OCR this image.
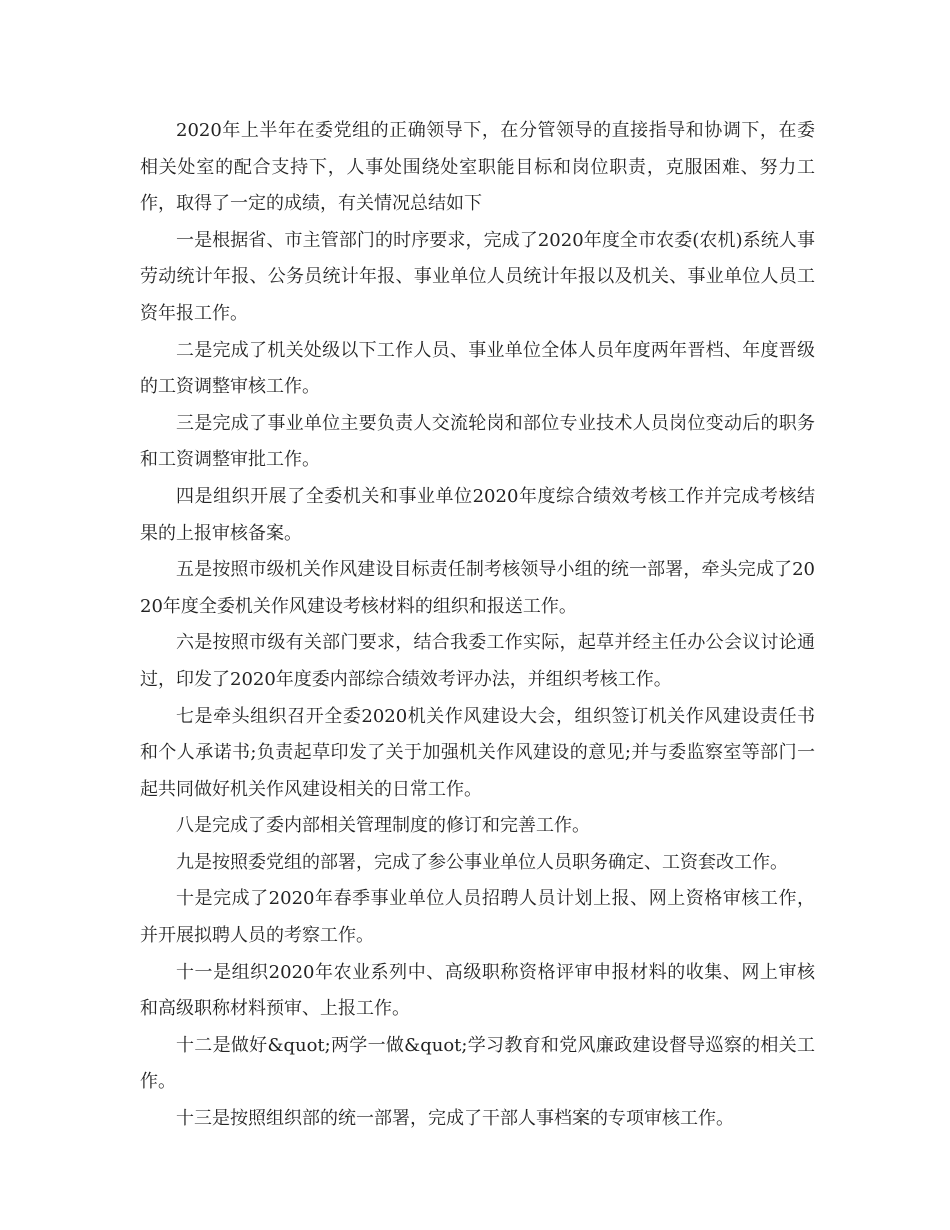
2020年上半年在委党组的正确领导下，在分管领导的直接指导和协调下，在委相关处室的配合支持下，人事处围绕处室职能目标和岗位职责，克服困难、努力工作，取得了一定的成绩，有关情况总结如下

一是根据省、市主管部门的时序要求，完成了2020年度全市农委(农机)系统人事劳动统计年报、公务员统计年报、事业单位人员统计年报以及机关、事业单位人员工资年报工作。

二是完成了机关处级以下工作人员、事业单位全体人员年度两年晋档、年度晋级的工资调整审核工作。

三是完成了事业单位主要负责人交流轮岗和部位专业技术人员岗位变动后的职务和工资调整审批工作。

四是组织开展了全委机关和事业单位2020年度综合绩效考核工作并完成考核结果的上报审核备案。

五是按照市级机关作风建设目标责任制考核领导小组的统一部署，牵头完成了2020年度全委机关作风建设考核材料的组织和报送工作。

六是按照市级有关部门要求，结合我委工作实际，起草并经主任办公会议讨论通过，印发了2020年度委内部综合绩效考评办法，并组织考核工作。

七是牵头组织召开全委2020机关作风建设大会，组织签订机关作风建设责任书和个人承诺书;负责起草印发了关于加强机关作风建设的意见;并与委监察室等部门一起共同做好机关作风建设相关的日常工作。

八是完成了委内部相关管理制度的修订和完善工作。

九是按照委党组的部署，完成了参公事业单位人员职务确定、工资套改工作。

十是完成了2020年春季事业单位人员招聘人员计划上报、网上资格审核工作，并开展拟聘人员的考察工作。

十一是组织2020年农业系列中、高级职称资格评审申报材料的收集、网上审核和高级职称材料预审、上报工作。

十二是做好&quot;两学一做&quot;学习教育和党风廉政建设督导巡察的相关工作。

十三是按照组织部的统一部署，完成了干部人事档案的专项审核工作。
